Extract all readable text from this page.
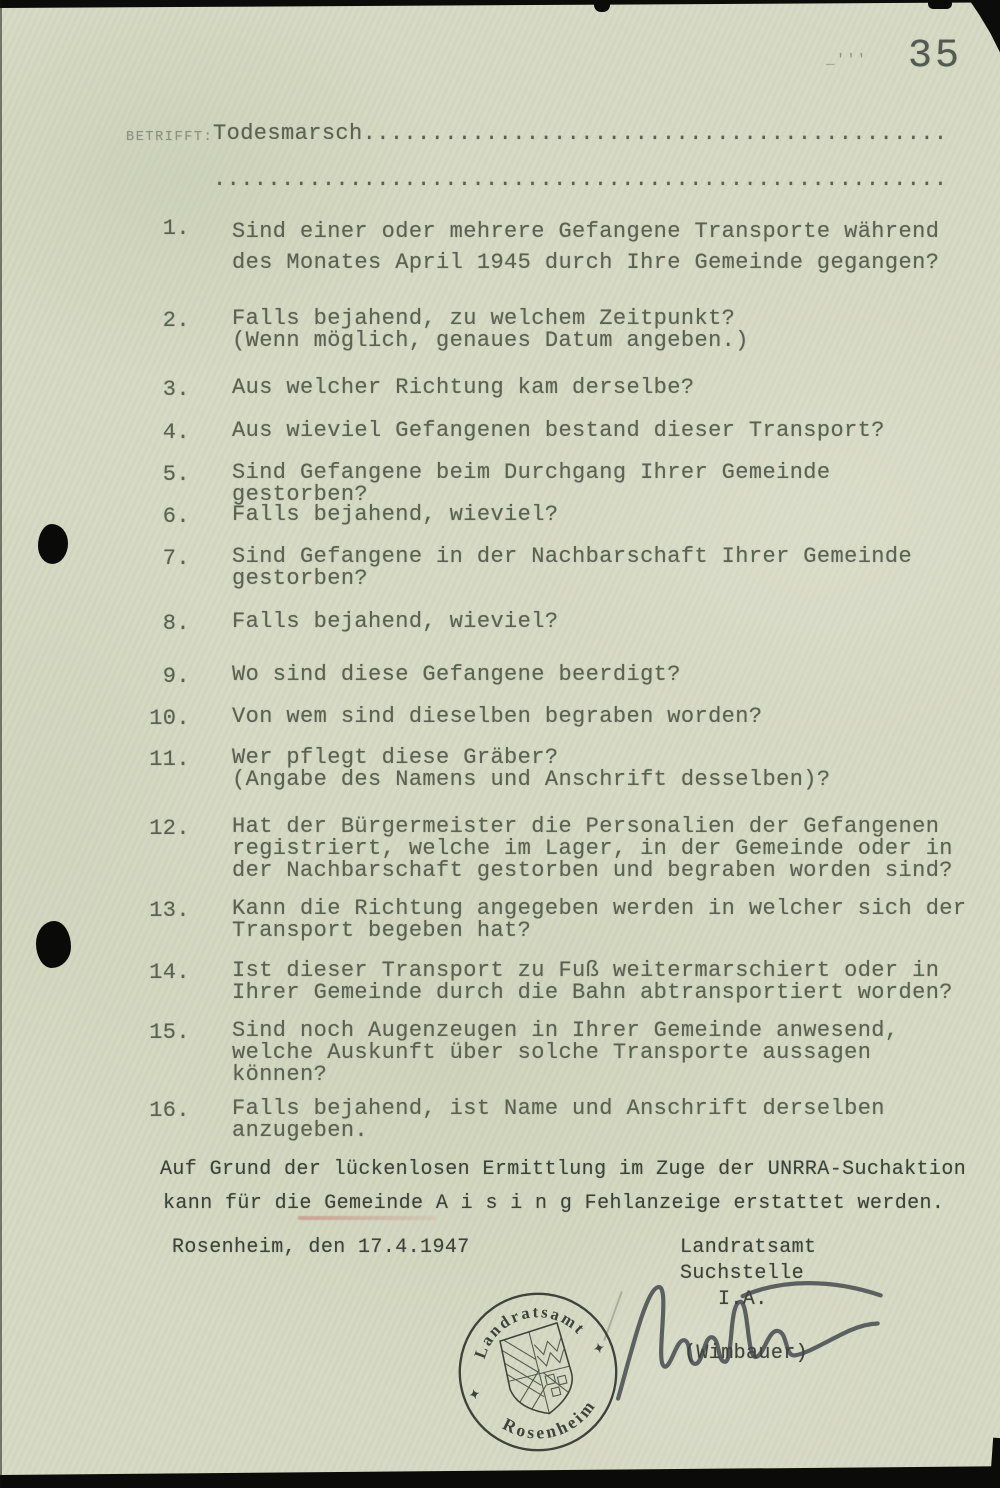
_''' 35
BETRIFFT: Todesmarsch...........................................
......................................................
1. Sind einer oder mehrere Gefangene Transporte während
des Monates April 1945 durch Ihre Gemeinde gegangen?
2. Falls bejahend, zu welchem Zeitpunkt?
(Wenn möglich, genaues Datum angeben.)
3. Aus welcher Richtung kam derselbe?
4. Aus wieviel Gefangenen bestand dieser Transport?
5. Sind Gefangene beim Durchgang Ihrer Gemeinde gestorben?
6. Falls bejahend, wieviel?
7. Sind Gefangene in der Nachbarschaft Ihrer Gemeinde
gestorben?
8. Falls bejahend, wieviel?
9. Wo sind diese Gefangene beerdigt?
10. Von wem sind dieselben begraben worden?
11. Wer pflegt diese Gräber?
(Angabe des Namens und Anschrift desselben)?
12. Hat der Bürgermeister die Personalien der Gefangenen
registriert, welche im Lager, in der Gemeinde oder in
der Nachbarschaft gestorben und begraben worden sind?
13. Kann die Richtung angegeben werden in welcher sich der
Transport begeben hat?
14. Ist dieser Transport zu Fuß weitermarschiert oder in
Ihrer Gemeinde durch die Bahn abtransportiert worden?
15. Sind noch Augenzeugen in Ihrer Gemeinde anwesend,
welche Auskunft über solche Transporte aussagen können?
16. Falls bejahend, ist Name und Anschrift derselben
anzugeben.
Auf Grund der lückenlosen Ermittlung im Zuge der UNRRA-Suchaktion
kann für die Gemeinde A i s i n g Fehlanzeige erstattet werden.
Rosenheim, den 17.4.1947	Landratsamt
Suchstelle
I.A.
(Wimbauer)
Landratsamt
Rosenheim
✦
✦
